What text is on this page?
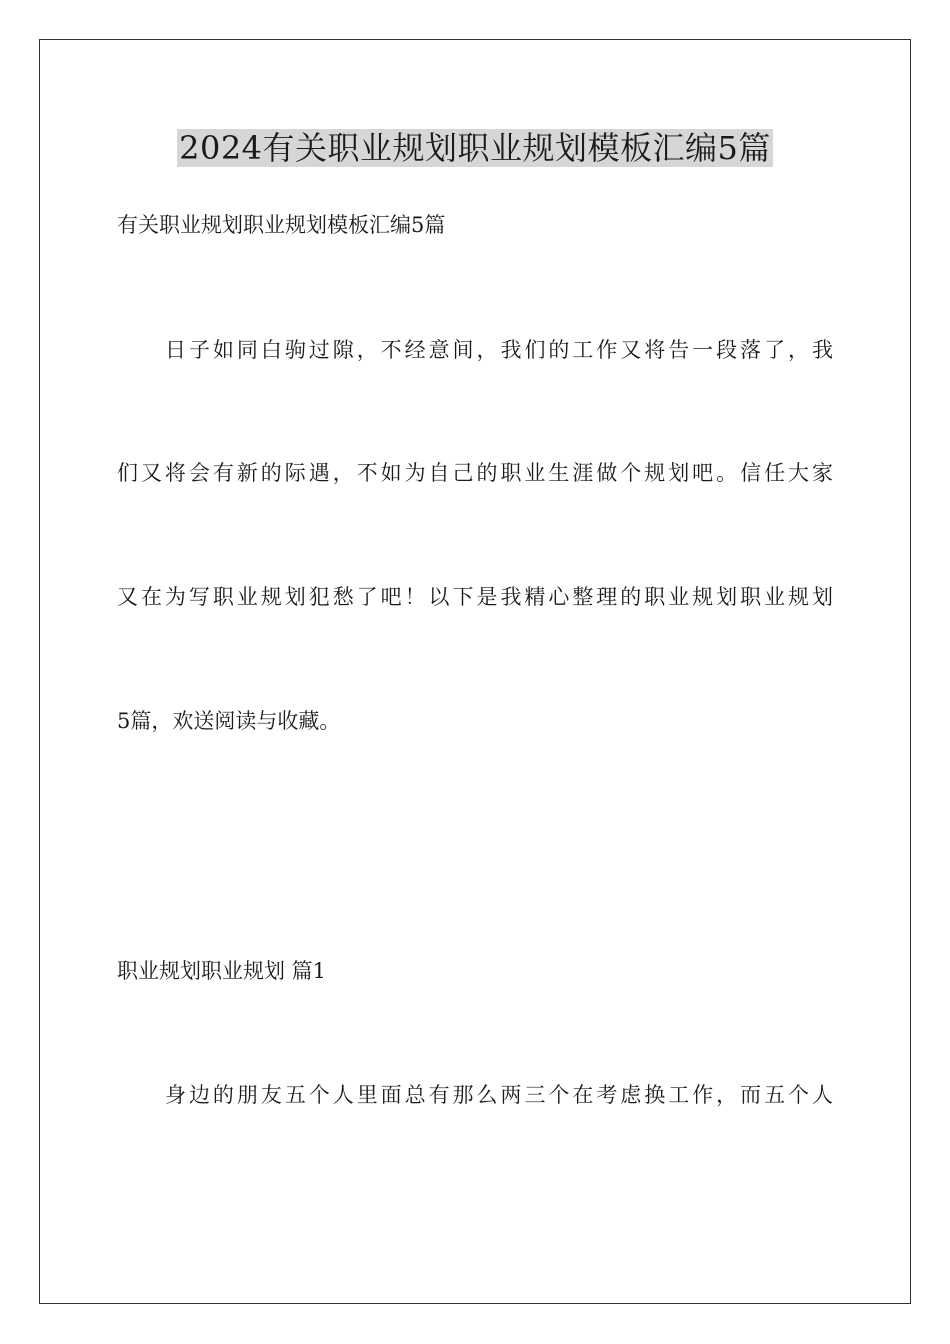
2024有关职业规划职业规划模板汇编5篇

有关职业规划职业规划模板汇编5篇

日子如同白驹过隙，不经意间，我们的工作又将告一段落了，我

们又将会有新的际遇，不如为自己的职业生涯做个规划吧。信任大家

又在为写职业规划犯愁了吧！以下是我精心整理的职业规划职业规划

5篇，欢送阅读与收藏。

职业规划职业规划 篇1

身边的朋友五个人里面总有那么两三个在考虑换工作，而五个人
